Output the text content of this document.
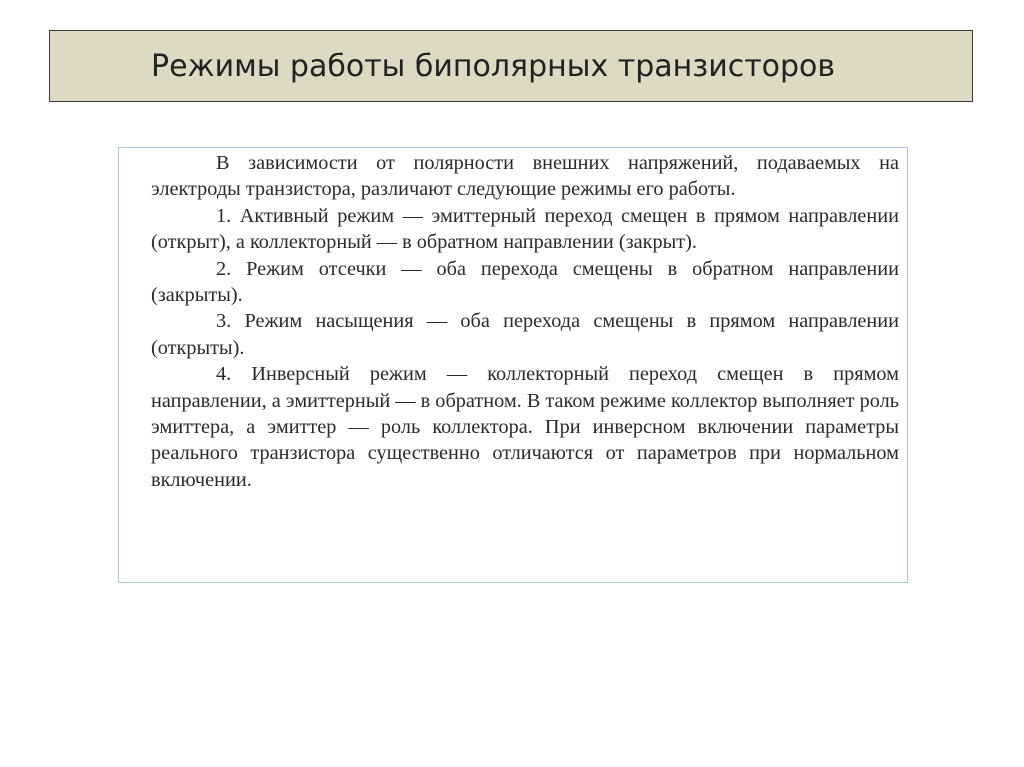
Режимы работы биполярных транзисторов

В зависимости от полярности внешних напряжений, подаваемых на электроды транзистора, различают следующие режимы его работы.

1. Активный режим — эмиттерный переход смещен в прямом направлении (открыт), а коллекторный — в обратном направлении (закрыт).

2. Режим отсечки — оба перехода смещены в обратном направлении (закрыты).

3. Режим насыщения — оба перехода смещены в прямом направлении (открыты).

4. Инверсный режим — коллекторный переход смещен в прямом направлении, а эмиттерный — в обратном. В таком режиме коллектор выполняет роль эмиттера, а эмиттер — роль коллектора. При инверсном включении параметры реального транзистора существенно отличаются от параметров при нормальном включении.
